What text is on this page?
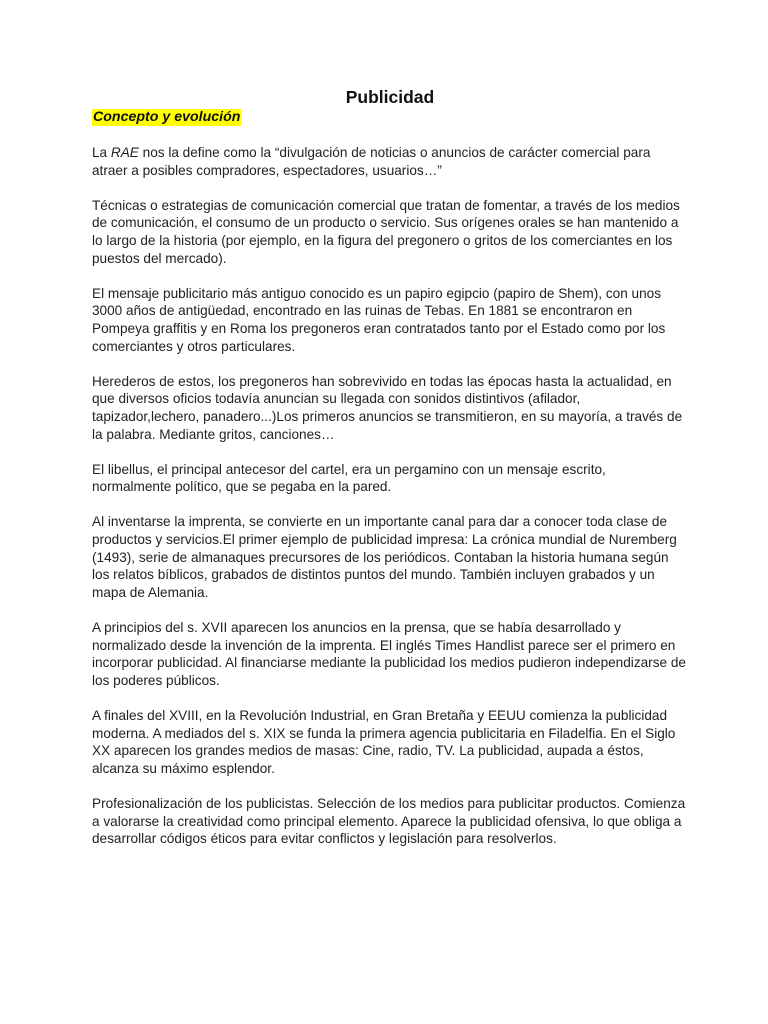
Publicidad
Concepto y evolución

La RAE nos la define como la “divulgación de noticias o anuncios de carácter comercial para atraer a posibles compradores, espectadores, usuarios…”

Técnicas o estrategias de comunicación comercial que tratan de fomentar, a través de los medios de comunicación, el consumo de un producto o servicio. Sus orígenes orales se han mantenido a lo largo de la historia (por ejemplo, en la figura del pregonero o gritos de los comerciantes en los puestos del mercado).

El mensaje publicitario más antiguo conocido es un papiro egipcio (papiro de Shem), con unos 3000 años de antigüedad, encontrado en las ruinas de Tebas. En 1881 se encontraron en Pompeya graffitis y en Roma los pregoneros eran contratados tanto por el Estado como por los comerciantes y otros particulares.

Herederos de estos, los pregoneros han sobrevivido en todas las épocas hasta la actualidad, en que diversos oficios todavía anuncian su llegada con sonidos distintivos (afilador, tapizador,lechero, panadero...)Los primeros anuncios se transmitieron, en su mayoría, a través de la palabra. Mediante gritos, canciones…

El libellus, el principal antecesor del cartel, era un pergamino con un mensaje escrito, normalmente político, que se pegaba en la pared.

Al inventarse la imprenta, se convierte en un importante canal para dar a conocer toda clase de productos y servicios.El primer ejemplo de publicidad impresa: La crónica mundial de Nuremberg (1493), serie de almanaques precursores de los periódicos. Contaban la historia humana según los relatos bíblicos, grabados de distintos puntos del mundo. También incluyen grabados y un mapa de Alemania.

A principios del s. XVII aparecen los anuncios en la prensa, que se había desarrollado y normalizado desde la invención de la imprenta. El inglés Times Handlist parece ser el primero en incorporar publicidad. Al financiarse mediante la publicidad los medios pudieron independizarse de los poderes públicos.

A finales del XVIII, en la Revolución Industrial, en Gran Bretaña y EEUU comienza la publicidad moderna. A mediados del s. XIX se funda la primera agencia publicitaria en Filadelfia. En el Siglo XX aparecen los grandes medios de masas: Cine, radio, TV. La publicidad, aupada a éstos, alcanza su máximo esplendor.

Profesionalización de los publicistas. Selección de los medios para publicitar productos. Comienza a valorarse la creatividad como principal elemento. Aparece la publicidad ofensiva, lo que obliga a desarrollar códigos éticos para evitar conflictos y legislación para resolverlos.
